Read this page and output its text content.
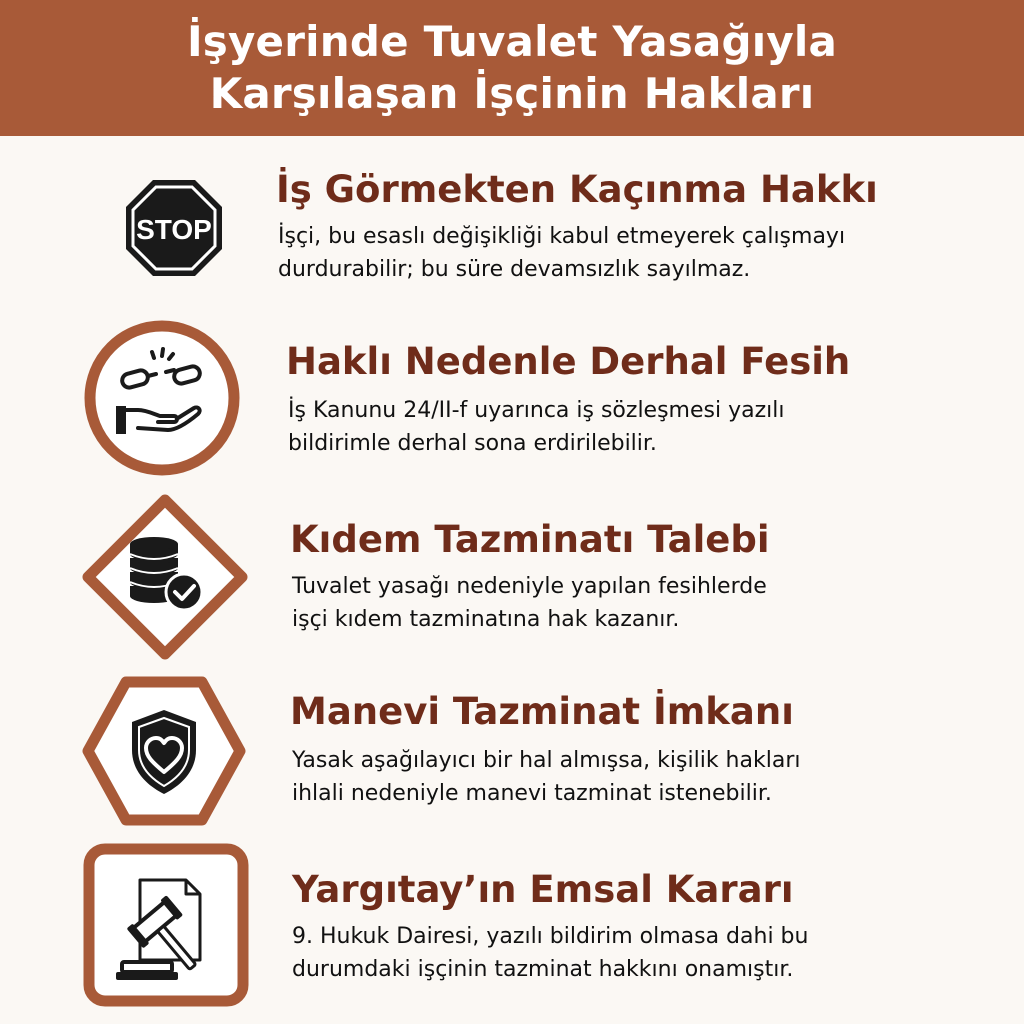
İşyerinde Tuvalet Yasağıyla
Karşılaşan İşçinin Hakları
STOP
İş Görmekten Kaçınma Hakkı
İşçi, bu esaslı değişikliği kabul etmeyerek çalışmayı
durdurabilir; bu süre devamsızlık sayılmaz.
Haklı Nedenle Derhal Fesih
İş Kanunu 24/II-f uyarınca iş sözleşmesi yazılı
bildirimle derhal sona erdirilebilir.
Kıdem Tazminatı Talebi
Tuvalet yasağı nedeniyle yapılan fesihlerde
işçi kıdem tazminatına hak kazanır.
Manevi Tazminat İmkanı
Yasak aşağılayıcı bir hal almışsa, kişilik hakları
ihlali nedeniyle manevi tazminat istenebilir.
Yargıtay’ın Emsal Kararı
9. Hukuk Dairesi, yazılı bildirim olmasa dahi bu
durumdaki işçinin tazminat hakkını onamıştır.
